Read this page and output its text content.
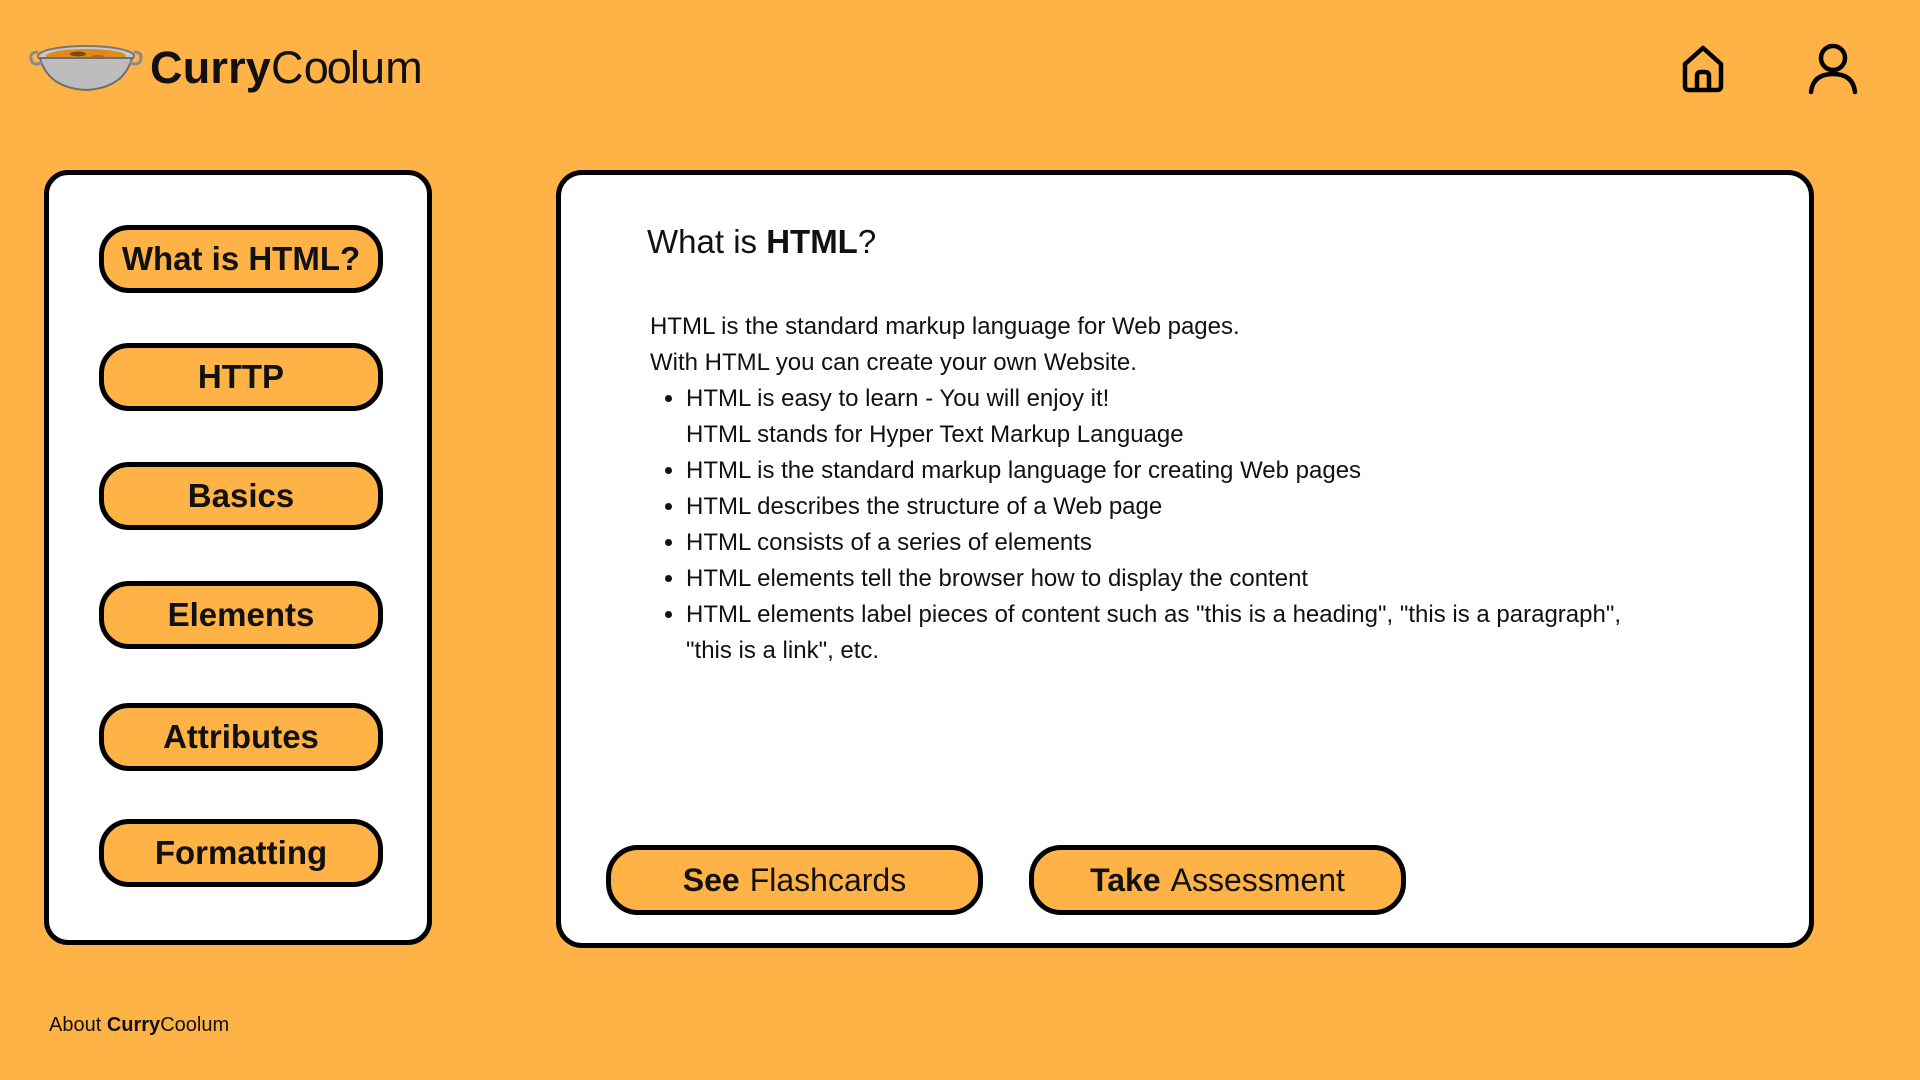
CurryCoolum
What is HTML?
HTTP
Basics
Elements
Attributes
Formatting
What is HTML?

HTML is the standard markup language for Web pages.

With HTML you can create your own Website.

• HTML is easy to learn - You will enjoy it!
HTML stands for Hyper Text Markup Language
• HTML is the standard markup language for creating Web pages
• HTML describes the structure of a Web page
• HTML consists of a series of elements
• HTML elements tell the browser how to display the content
• HTML elements label pieces of content such as "this is a heading", "this is a paragraph", "this is a link", etc.
See Flashcards	Take Assessment
About CurryCoolum
